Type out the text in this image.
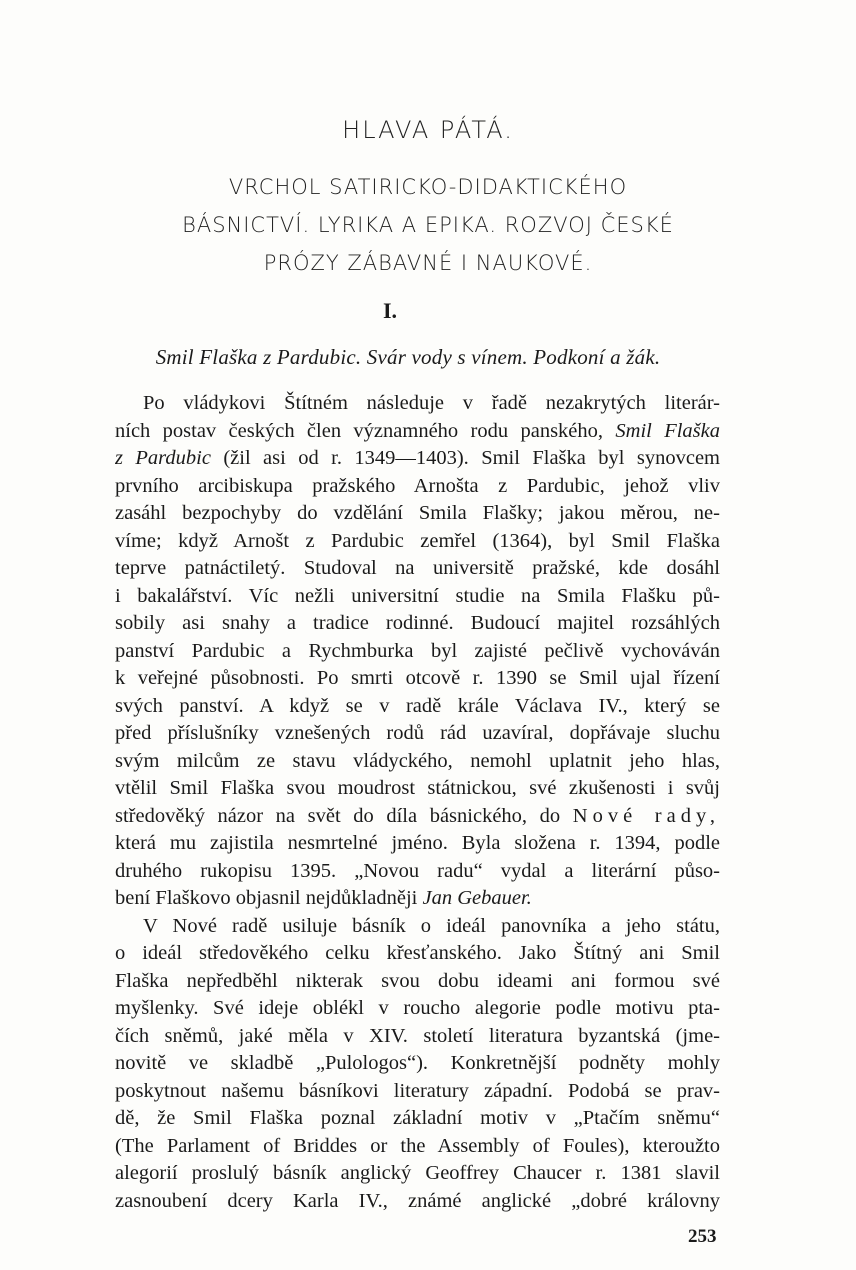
HLAVA PÁTÁ.
VRCHOL SATIRICKO-DIDAKTICKÉHO
BÁSNICTVÍ. LYRIKA A EPIKA. ROZVOJ ČESKÉ
PRÓZY ZÁBAVNÉ I NAUKOVÉ.
I.
Smil Flaška z Pardubic. Svár vody s vínem. Podkoní a žák.

Po vládykovi Štítném následuje v řadě nezakrytých literár-
ních postav českých člen významného rodu panského, Smil Flaška
z Pardubic (žil asi od r. 1349—1403). Smil Flaška byl synovcem
prvního arcibiskupa pražského Arnošta z Pardubic, jehož vliv
zasáhl bezpochyby do vzdělání Smila Flašky; jakou měrou, ne-
víme; když Arnošt z Pardubic zemřel (1364), byl Smil Flaška
teprve patnáctiletý. Studoval na universitě pražské, kde dosáhl
i bakalářství. Víc nežli universitní studie na Smila Flašku pů-
sobily asi snahy a tradice rodinné. Budoucí majitel rozsáhlých
panství Pardubic a Rychmburka byl zajisté pečlivě vychováván
k veřejné působnosti. Po smrti otcově r. 1390 se Smil ujal řízení
svých panství. A když se v radě krále Václava IV., který se
před příslušníky vznešených rodů rád uzavíral, dopřávaje sluchu
svým milcům ze stavu vládyckého, nemohl uplatnit jeho hlas,
vtělil Smil Flaška svou moudrost státnickou, své zkušenosti i svůj
středověký názor na svět do díla básnického, do Nové rady,
která mu zajistila nesmrtelné jméno. Byla složena r. 1394, podle
druhého rukopisu 1395. „Novou radu“ vydal a literární půso-
bení Flaškovo objasnil nejdůkladněji Jan Gebauer.

V Nové radě usiluje básník o ideál panovníka a jeho státu,
o ideál středověkého celku křesťanského. Jako Štítný ani Smil
Flaška nepředběhl nikterak svou dobu ideami ani formou své
myšlenky. Své ideje oblékl v roucho alegorie podle motivu pta-
čích sněmů, jaké měla v XIV. století literatura byzantská (jme-
novitě ve skladbě „Pulologos“). Konkretnější podněty mohly
poskytnout našemu básníkovi literatury západní. Podobá se prav-
dě, že Smil Flaška poznal základní motiv v „Ptačím sněmu“
(The Parlament of Briddes or the Assembly of Foules), kteroužto
alegorií proslulý básník anglický Geoffrey Chaucer r. 1381 slavil
zasnoubení dcery Karla IV., známé anglické „dobré královny

253
